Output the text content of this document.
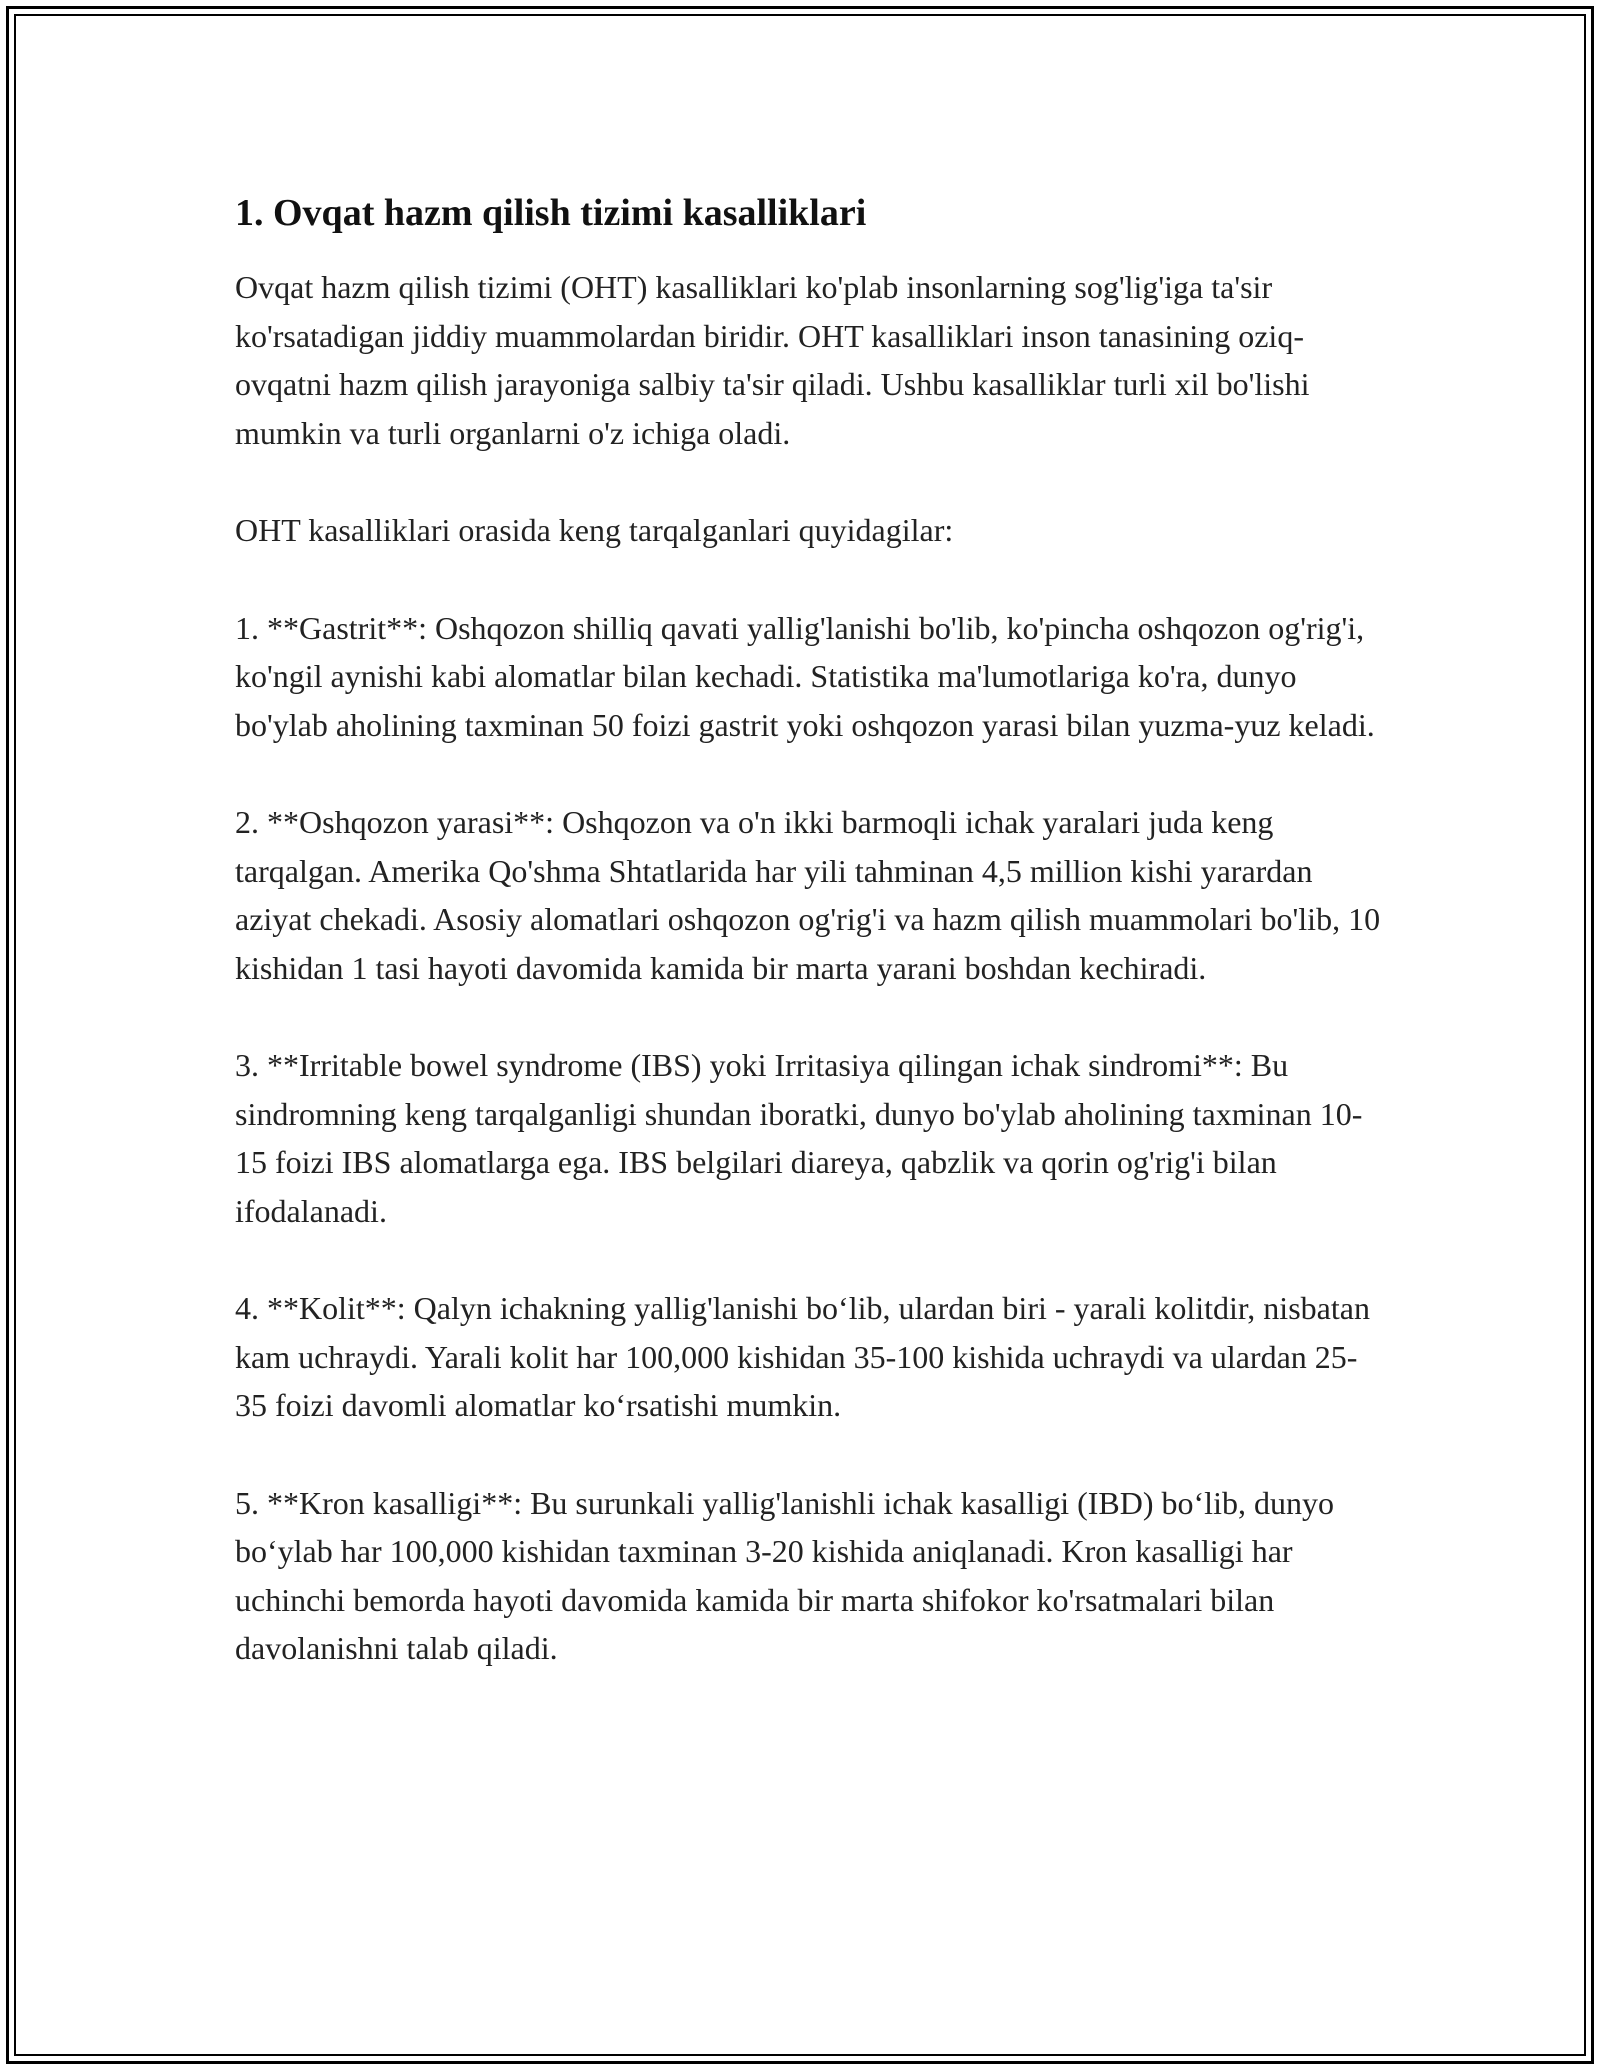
1. Ovqat hazm qilish tizimi kasalliklari

Ovqat hazm qilish tizimi (OHT) kasalliklari ko'plab insonlarning sog'lig'iga ta'sir ko'rsatadigan jiddiy muammolardan biridir. OHT kasalliklari inson tanasining oziq-ovqatni hazm qilish jarayoniga salbiy ta'sir qiladi. Ushbu kasalliklar turli xil bo'lishi mumkin va turli organlarni o'z ichiga oladi.

OHT kasalliklari orasida keng tarqalganlari quyidagilar:

1. **Gastrit**: Oshqozon shilliq qavati yallig'lanishi bo'lib, ko'pincha oshqozon og'rig'i, ko'ngil aynishi kabi alomatlar bilan kechadi. Statistika ma'lumotlariga ko'ra, dunyo bo'ylab aholining taxminan 50 foizi gastrit yoki oshqozon yarasi bilan yuzma-yuz keladi.

2. **Oshqozon yarasi**: Oshqozon va o'n ikki barmoqli ichak yaralari juda keng tarqalgan. Amerika Qo'shma Shtatlarida har yili tahminan 4,5 million kishi yarardan aziyat chekadi. Asosiy alomatlari oshqozon og'rig'i va hazm qilish muammolari bo'lib, 10 kishidan 1 tasi hayoti davomida kamida bir marta yarani boshdan kechiradi.

3. **Irritable bowel syndrome (IBS) yoki Irritasiya qilingan ichak sindromi**: Bu sindromning keng tarqalganligi shundan iboratki, dunyo bo'ylab aholining taxminan 10-15 foizi IBS alomatlarga ega. IBS belgilari diareya, qabzlik va qorin og'rig'i bilan ifodalanadi.

4. **Kolit**: Qalyn ichakning yallig'lanishi bo‘lib, ulardan biri - yarali kolitdir, nisbatan kam uchraydi. Yarali kolit har 100,000 kishidan 35-100 kishida uchraydi va ulardan 25-35 foizi davomli alomatlar ko‘rsatishi mumkin.

5. **Kron kasalligi**: Bu surunkali yallig'lanishli ichak kasalligi (IBD) bo‘lib, dunyo bo‘ylab har 100,000 kishidan taxminan 3-20 kishida aniqlanadi. Kron kasalligi har uchinchi bemorda hayoti davomida kamida bir marta shifokor ko'rsatmalari bilan davolanishni talab qiladi.
